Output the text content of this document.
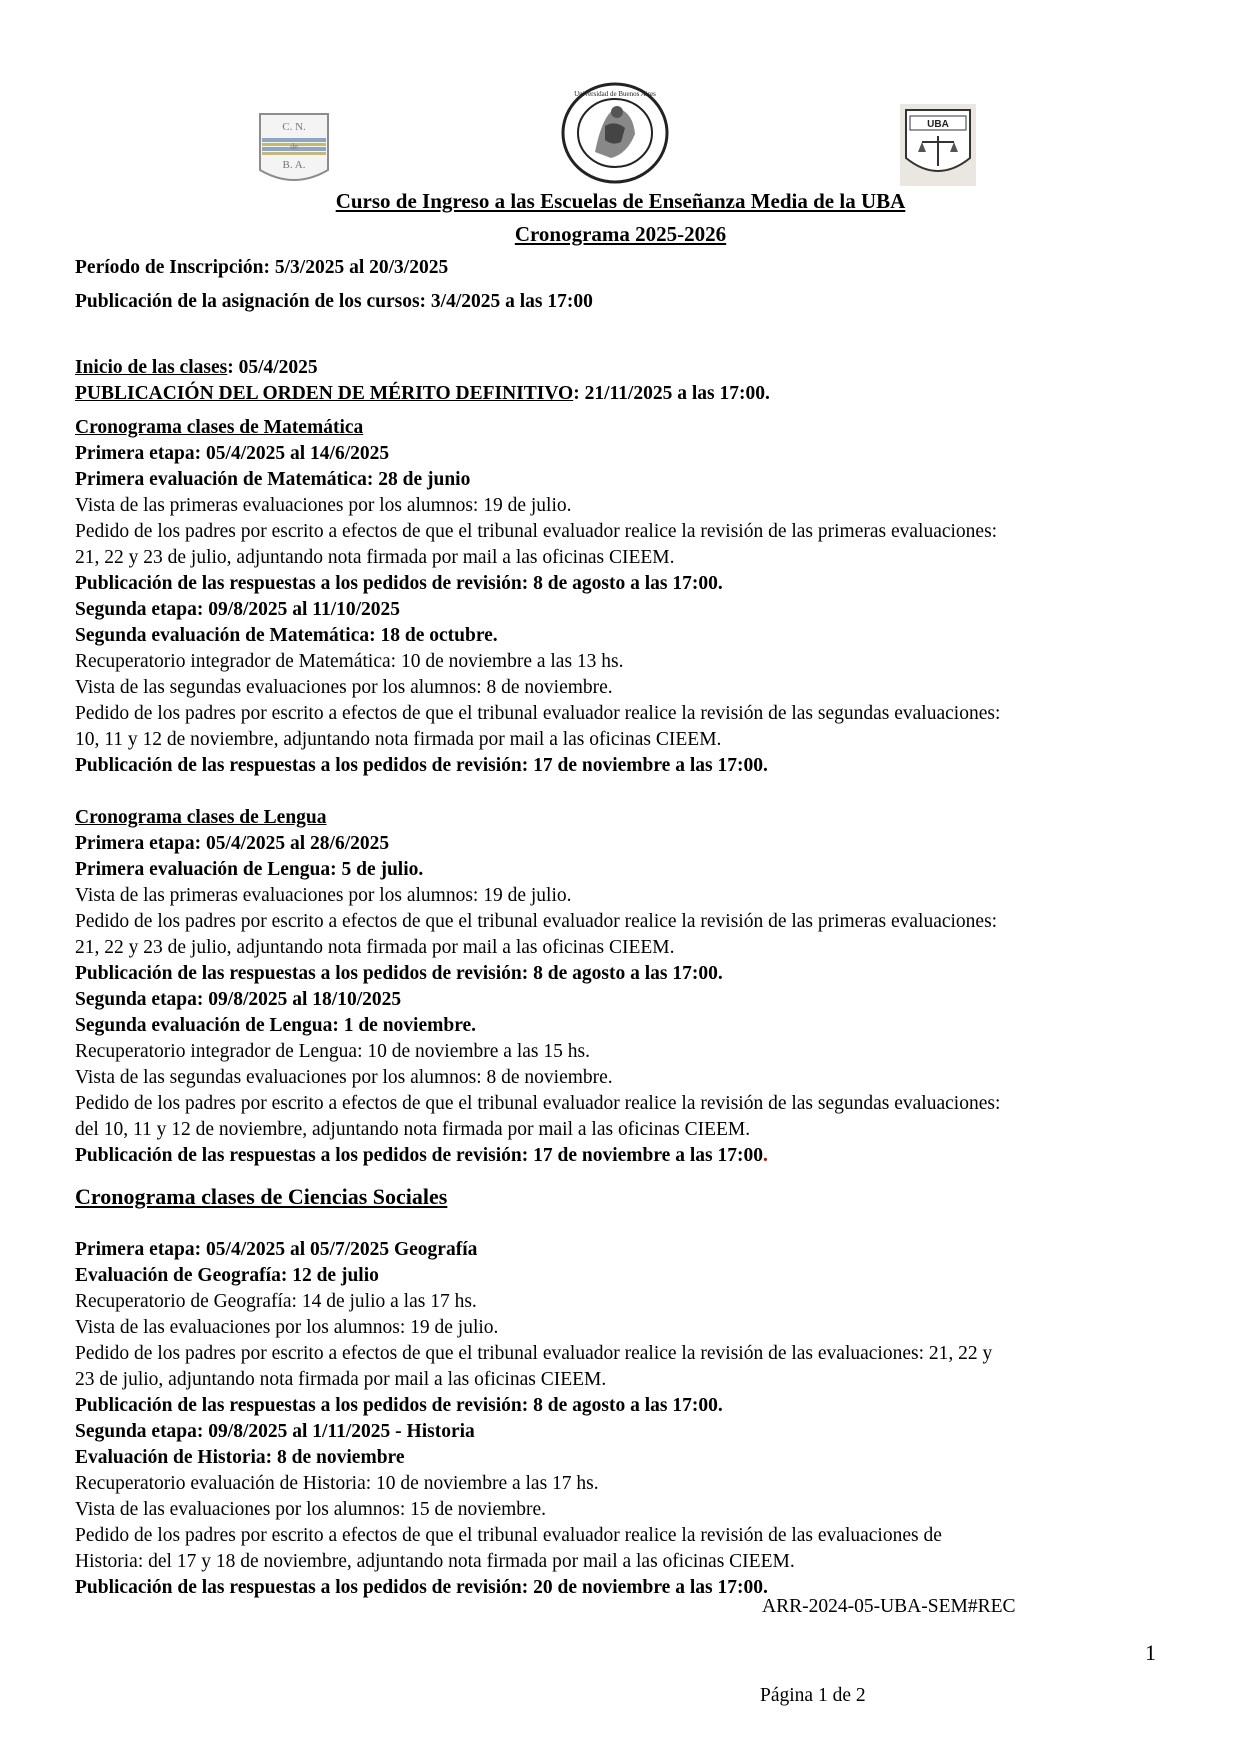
C. N.
de
B. A.
Universidad de Buenos Aires
UBA
Curso de Ingreso a las Escuelas de Enseñanza Media de la UBA
Cronograma 2025-2026

Período de Inscripción: 5/3/2025 al 20/3/2025

Publicación de la asignación de los cursos: 3/4/2025 a las 17:00

Inicio de las clases: 05/4/2025

PUBLICACIÓN DEL ORDEN DE MÉRITO DEFINITIVO: 21/11/2025 a las 17:00.

Cronograma clases de Matemática

Primera etapa: 05/4/2025 al 14/6/2025

Primera evaluación de Matemática: 28 de junio

Vista de las primeras evaluaciones por los alumnos: 19 de julio.

Pedido de los padres por escrito a efectos de que el tribunal evaluador realice la revisión de las primeras evaluaciones:

21, 22 y 23 de julio, adjuntando nota firmada por mail a las oficinas CIEEM.

Publicación de las respuestas a los pedidos de revisión: 8 de agosto a las 17:00.

Segunda etapa: 09/8/2025 al 11/10/2025

Segunda evaluación de Matemática: 18 de octubre.

Recuperatorio integrador de Matemática: 10 de noviembre a las 13 hs.

Vista de las segundas evaluaciones por los alumnos: 8 de noviembre.

Pedido de los padres por escrito a efectos de que el tribunal evaluador realice la revisión de las segundas evaluaciones:

10, 11 y 12 de noviembre, adjuntando nota firmada por mail a las oficinas CIEEM.

Publicación de las respuestas a los pedidos de revisión: 17 de noviembre a las 17:00.

Cronograma clases de Lengua

Primera etapa: 05/4/2025 al 28/6/2025

Primera evaluación de Lengua: 5 de julio.

Vista de las primeras evaluaciones por los alumnos: 19 de julio.

Pedido de los padres por escrito a efectos de que el tribunal evaluador realice la revisión de las primeras evaluaciones:

21, 22 y 23 de julio, adjuntando nota firmada por mail a las oficinas CIEEM.

Publicación de las respuestas a los pedidos de revisión: 8 de agosto a las 17:00.

Segunda etapa: 09/8/2025 al 18/10/2025

Segunda evaluación de Lengua: 1 de noviembre.

Recuperatorio integrador de Lengua: 10 de noviembre a las 15 hs.

Vista de las segundas evaluaciones por los alumnos: 8 de noviembre.

Pedido de los padres por escrito a efectos de que el tribunal evaluador realice la revisión de las segundas evaluaciones:

del 10, 11 y 12 de noviembre, adjuntando nota firmada por mail a las oficinas CIEEM.

Publicación de las respuestas a los pedidos de revisión: 17 de noviembre a las 17:00.

Cronograma clases de Ciencias Sociales

Primera etapa: 05/4/2025 al 05/7/2025 Geografía

Evaluación de Geografía: 12 de julio

Recuperatorio de Geografía: 14 de julio a las 17 hs.

Vista de las evaluaciones por los alumnos: 19 de julio.

Pedido de los padres por escrito a efectos de que el tribunal evaluador realice la revisión de las evaluaciones: 21, 22 y

23 de julio, adjuntando nota firmada por mail a las oficinas CIEEM.

Publicación de las respuestas a los pedidos de revisión: 8 de agosto a las 17:00.

Segunda etapa: 09/8/2025 al 1/11/2025 - Historia

Evaluación de Historia: 8 de noviembre

Recuperatorio evaluación de Historia: 10 de noviembre a las 17 hs.

Vista de las evaluaciones por los alumnos: 15 de noviembre.

Pedido de los padres por escrito a efectos de que el tribunal evaluador realice la revisión de las evaluaciones de

Historia: del 17 y 18 de noviembre, adjuntando nota firmada por mail a las oficinas CIEEM.

Publicación de las respuestas a los pedidos de revisión: 20 de noviembre a las 17:00.

ARR-2024-05-UBA-SEM#REC
1
Página 1 de 2
